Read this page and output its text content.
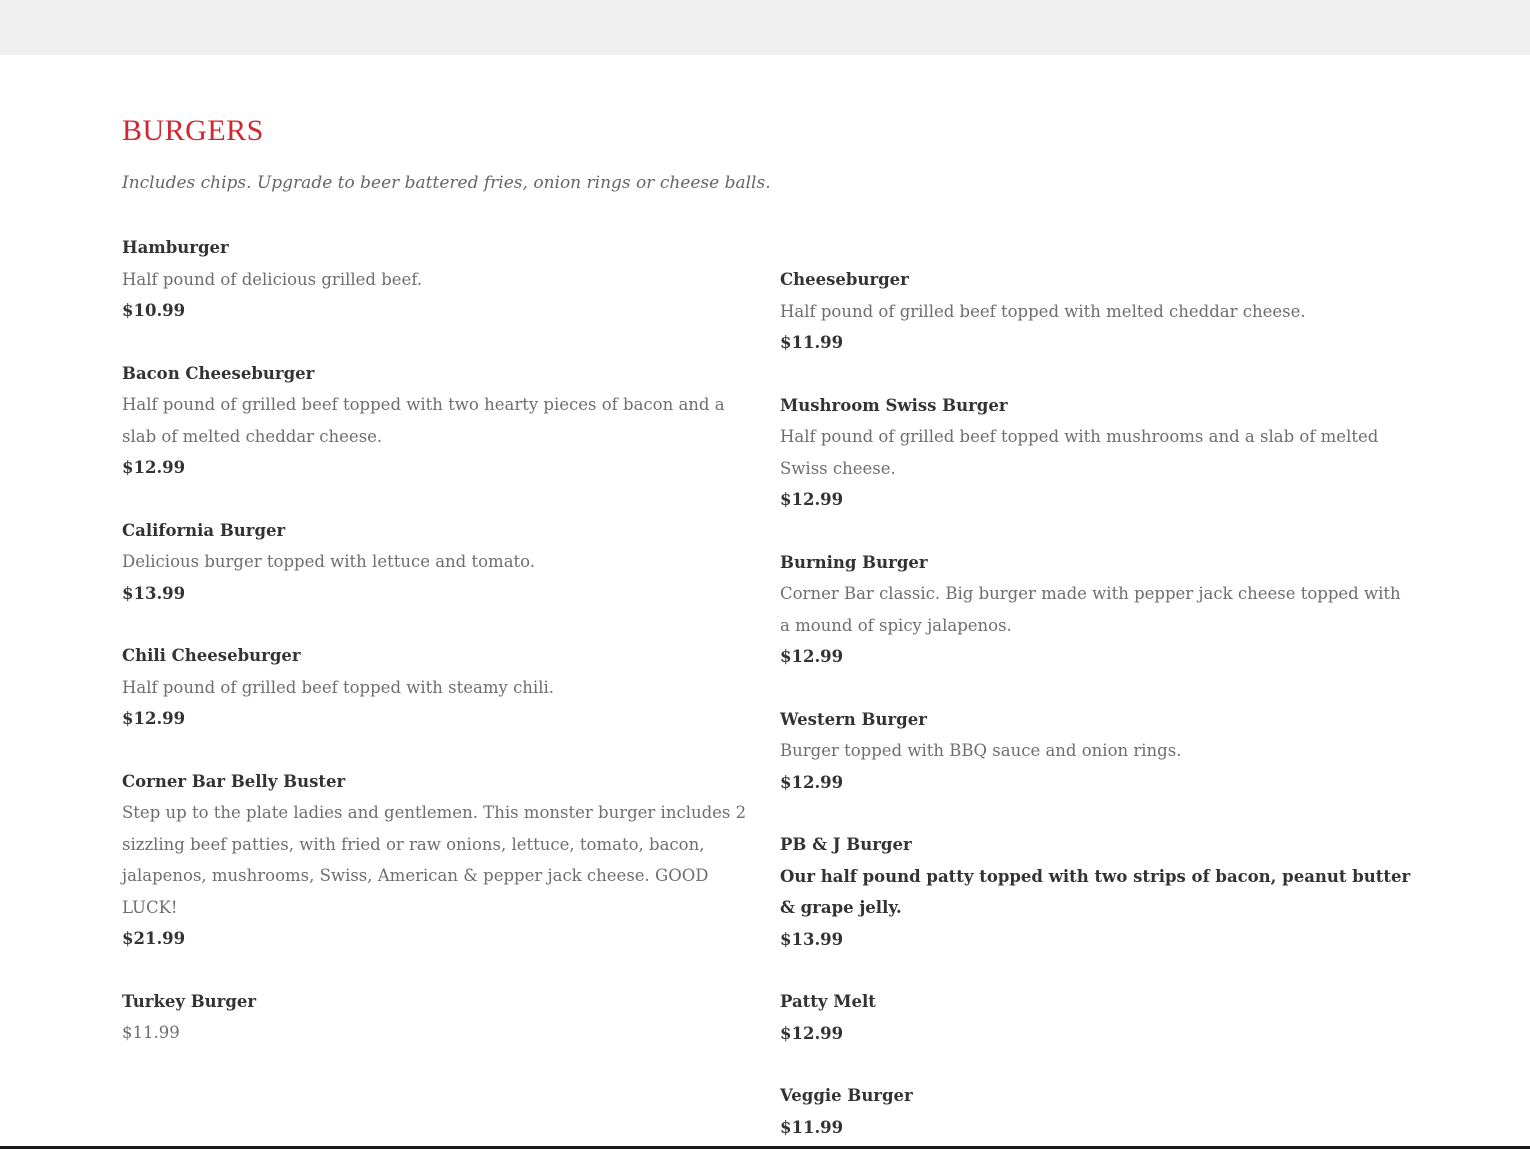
BURGERS

Includes chips. Upgrade to beer battered fries, onion rings or cheese balls.

Hamburger

Half pound of delicious grilled beef.

$10.99

Bacon Cheeseburger

Half pound of grilled beef topped with two hearty pieces of bacon and a slab of melted cheddar cheese.

$12.99

California Burger

Delicious burger topped with lettuce and tomato.

$13.99

Chili Cheeseburger

Half pound of grilled beef topped with steamy chili.

$12.99

Corner Bar Belly Buster

Step up to the plate ladies and gentlemen. This monster burger includes 2 sizzling beef patties, with fried or raw onions, lettuce, tomato, bacon, jalapenos, mushrooms, Swiss, American & pepper jack cheese. GOOD LUCK!

$21.99

Turkey Burger

$11.99

Cheeseburger

Half pound of grilled beef topped with melted cheddar cheese.

$11.99

Mushroom Swiss Burger

Half pound of grilled beef topped with mushrooms and a slab of melted Swiss cheese.

$12.99

Burning Burger

Corner Bar classic. Big burger made with pepper jack cheese topped with a mound of spicy jalapenos.

$12.99

Western Burger

Burger topped with BBQ sauce and onion rings.

$12.99

PB & J Burger

Our half pound patty topped with two strips of bacon, peanut butter & grape jelly.

$13.99

Patty Melt

$12.99

Veggie Burger

$11.99
